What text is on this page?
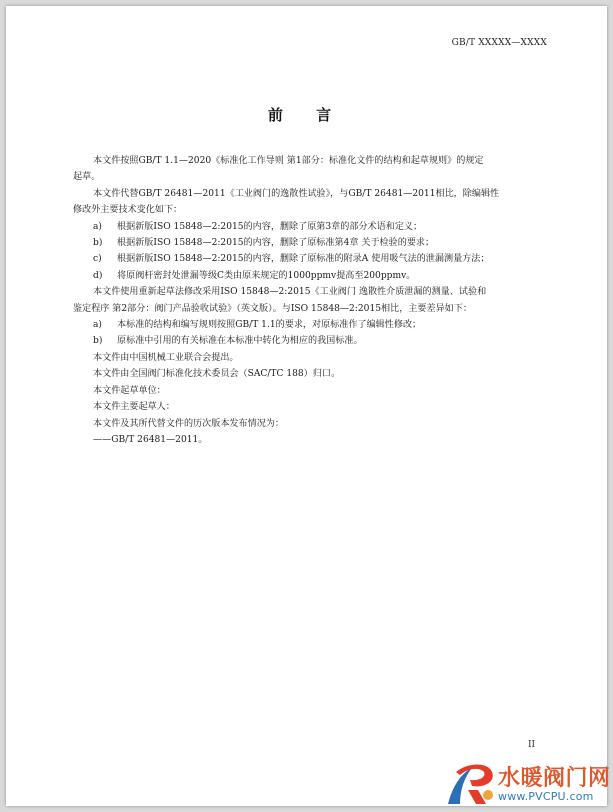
GB/T XXXXX—XXXX
前 言
本文件按照GB/T 1.1—2020《标准化工作导则 第1部分：标准化文件的结构和起草规则》的规定
起草。
本文件代替GB/T 26481—2011《工业阀门的逸散性试验》，与GB/T 26481—2011相比，除编辑性
修改外主要技术变化如下：
a) 根据新版ISO 15848—2:2015的内容，删除了原第3章的部分术语和定义；
b) 根据新版ISO 15848—2:2015的内容，删除了原标准第4章 关于检验的要求；
c) 根据新版ISO 15848—2:2015的内容，删除了原标准的附录A 使用吸气法的泄漏测量方法；
d) 将原阀杆密封处泄漏等级C类由原来规定的1000ppmv提高至200ppmv。
本文件使用重新起草法修改采用ISO 15848—2:2015《工业阀门 逸散性介质泄漏的测量、试验和
鉴定程序 第2部分：阀门产品验收试验》（英文版）。与ISO 15848—2:2015相比，主要差异如下：
a) 本标准的结构和编写规则按照GB/T 1.1的要求，对原标准作了编辑性修改；
b) 原标准中引用的有关标准在本标准中转化为相应的我国标准。
本文件由中国机械工业联合会提出。
本文件由全国阀门标准化技术委员会（SAC/TC 188）归口。
本文件起草单位：
本文件主要起草人：
本文件及其所代替文件的历次版本发布情况为：
——GB/T 26481—2011。
II
水暖阀门网
www.PVCPU.com
